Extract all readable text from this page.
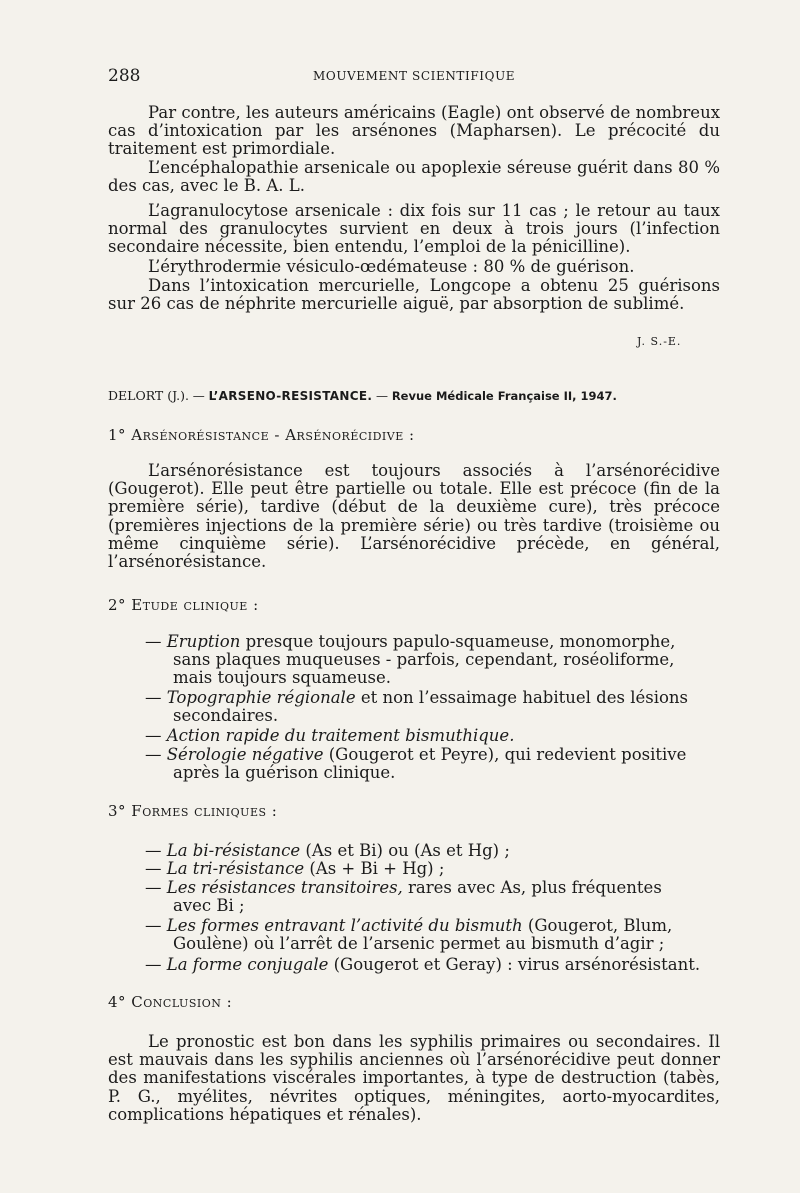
288	MOUVEMENT SCIENTIFIQUE
Par contre, les auteurs américains (Eagle) ont observé de nombreux cas d’intoxication par les arsénones (Mapharsen). Le précocité du traitement est primordiale.
L’encéphalopathie arsenicale ou apoplexie séreuse guérit dans 80 % des cas, avec le B. A. L.
L’agranulocytose arsenicale : dix fois sur 11 cas ; le retour au taux normal des granulocytes survient en deux à trois jours (l’infection secondaire nécessite, bien entendu, l’emploi de la pénicilline).
L’érythrodermie vésiculo-œdémateuse : 80 % de guérison.
Dans l’intoxication mercurielle, Longcope a obtenu 25 guérisons sur 26 cas de néphrite mercurielle aiguë, par absorption de sublimé.
J. S.-E.
DELORT (J.). — L’ARSENO-RESISTANCE. — Revue Médicale Française II, 1947.
1° Arsénorésistance - Arsénorécidive :
L’arsénorésistance est toujours associés à l’arsénorécidive (Gougerot). Elle peut être partielle ou totale. Elle est précoce (fin de la première série), tardive (début de la deuxième cure), très précoce (premières injections de la première série) ou très tardive (troisième ou même cinquième série). L’arsénorécidive précède, en général, l’arsénorésistance.
2° Etude clinique :
— Eruption presque toujours papulo-squameuse, monomorphe,
sans plaques muqueuses - parfois, cependant, roséoliforme,
mais toujours squameuse.
— Topographie régionale et non l’essaimage habituel des lésions
secondaires.
— Action rapide du traitement bismuthique.
— Sérologie négative (Gougerot et Peyre), qui redevient positive
après la guérison clinique.
3° Formes cliniques :
— La bi-résistance (As et Bi) ou (As et Hg) ;
— La tri-résistance (As + Bi + Hg) ;
— Les résistances transitoires, rares avec As, plus fréquentes
avec Bi ;
— Les formes entravant l’activité du bismuth (Gougerot, Blum,
Goulène) où l’arrêt de l’arsenic permet au bismuth d’agir ;
— La forme conjugale (Gougerot et Geray) : virus arsénorésistant.
4° Conclusion :
Le pronostic est bon dans les syphilis primaires ou secondaires. Il est mauvais dans les syphilis anciennes où l’arsénorécidive peut donner des manifestations viscérales importantes, à type de destruction (tabès, P. G., myélites, névrites optiques, méningites, aorto-myocardites, complications hépatiques et rénales).
